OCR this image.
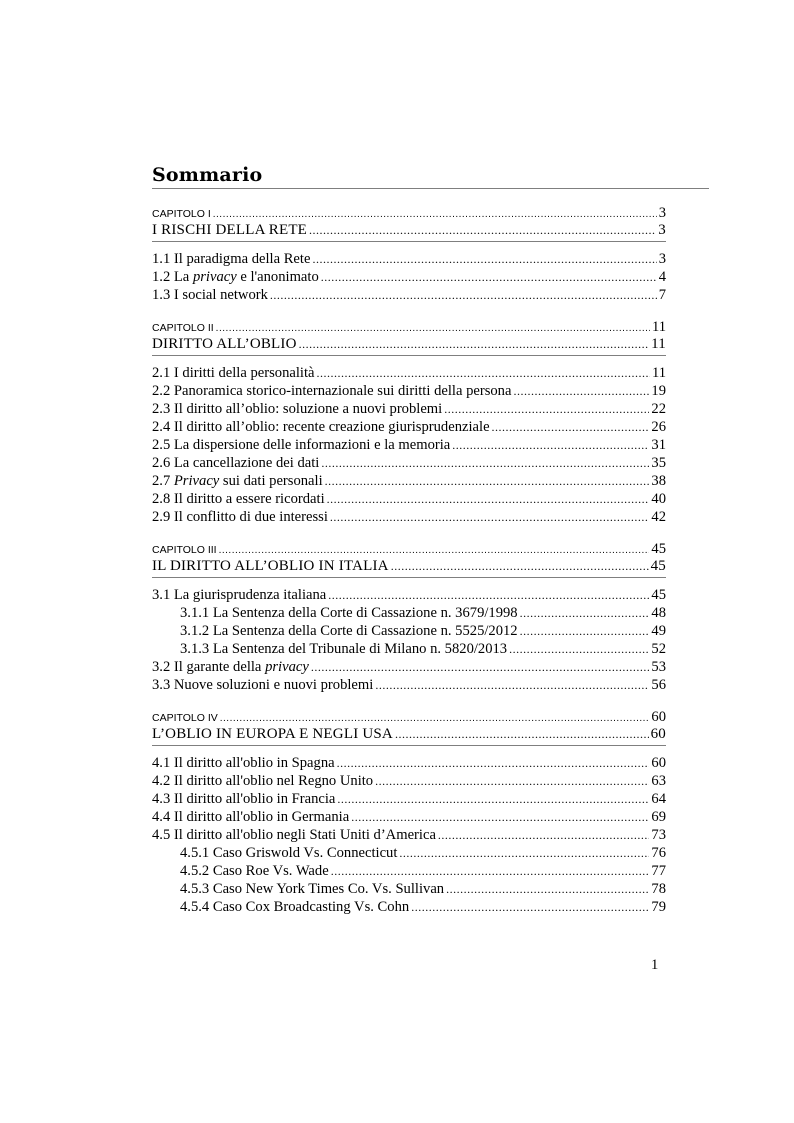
Sommario
CAPITOLO I .....	3
I RISCHI DELLA RETE .....	3
1.1 Il paradigma della Rete .....	3
1.2 La privacy e l'anonimato .....	4
1.3 I social network .....	7
CAPITOLO II .....	11
DIRITTO ALL’OBLIO .....	11
2.1 I diritti della personalità .....	11
2.2 Panoramica storico-internazionale sui diritti della persona .....	19
2.3 Il diritto all’oblio: soluzione a nuovi problemi .....	22
2.4 Il diritto all’oblio: recente creazione giurisprudenziale .....	26
2.5 La dispersione delle informazioni e la memoria .....	31
2.6 La cancellazione dei dati .....	35
2.7 Privacy sui dati personali .....	38
2.8 Il diritto a essere ricordati .....	40
2.9 Il conflitto di due interessi .....	42
CAPITOLO III .....	45
IL DIRITTO ALL’OBLIO IN ITALIA .....	45
3.1 La giurisprudenza italiana .....	45
3.1.1 La Sentenza della Corte di Cassazione n. 3679/1998 .....	48
3.1.2 La Sentenza della Corte di Cassazione n. 5525/2012 .....	49
3.1.3 La Sentenza del Tribunale di Milano n. 5820/2013 .....	52
3.2 Il garante della privacy .....	53
3.3 Nuove soluzioni e nuovi problemi .....	56
CAPITOLO IV .....	60
L’OBLIO IN EUROPA E NEGLI USA .....	60
4.1 Il diritto all'oblio in Spagna .....	60
4.2 Il diritto all'oblio nel Regno Unito .....	63
4.3 Il diritto all'oblio in Francia .....	64
4.4 Il diritto all'oblio in Germania .....	69
4.5 Il diritto all'oblio negli Stati Uniti d’America .....	73
4.5.1 Caso Griswold Vs. Connecticut .....	76
4.5.2 Caso Roe Vs. Wade .....	77
4.5.3 Caso New York Times Co. Vs. Sullivan .....	78
4.5.4 Caso Cox Broadcasting Vs. Cohn .....	79
1
